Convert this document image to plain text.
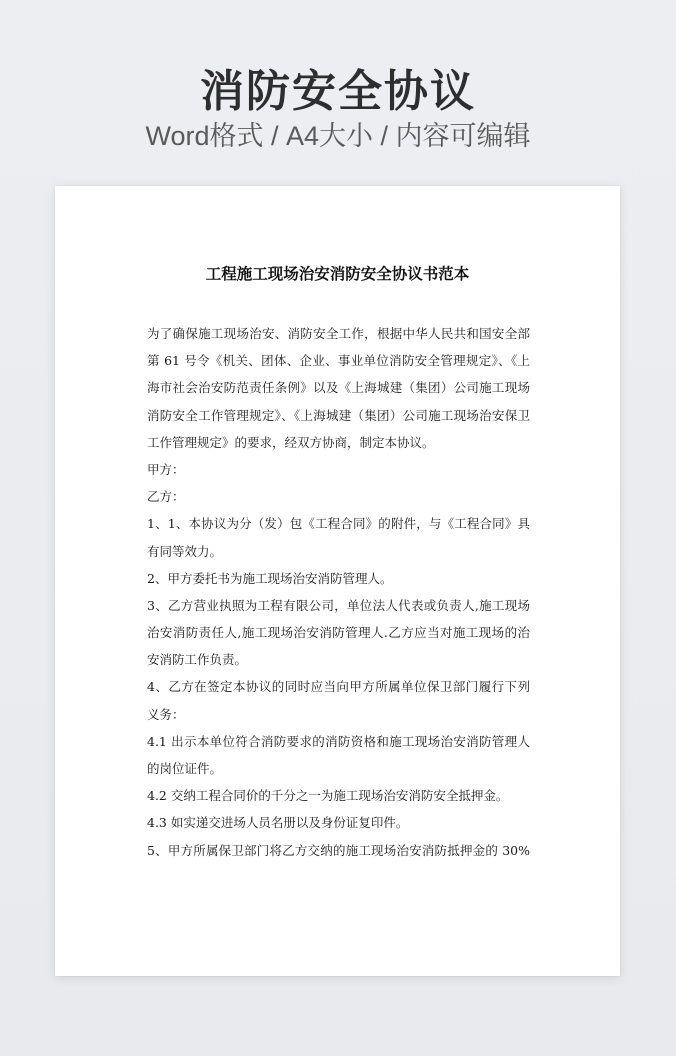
消防安全协议
Word格式 / A4大小 / 内容可编辑
工程施工现场治安消防安全协议书范本
为了确保施工现场治安、消防安全工作，根据中华人民共和国安全部
第 61 号令《机关、团体、企业、事业单位消防安全管理规定》、《上
海市社会治安防范责任条例》以及《上海城建（集团）公司施工现场
消防安全工作管理规定》、《上海城建（集团）公司施工现场治安保卫
工作管理规定》的要求，经双方协商，制定本协议。
甲方：
乙方：
1、1、本协议为分（发）包《工程合同》的附件，与《工程合同》具
有同等效力。
2、甲方委托书为施工现场治安消防管理人。
3、乙方营业执照为工程有限公司，单位法人代表或负责人,施工现场
治安消防责任人,施工现场治安消防管理人.乙方应当对施工现场的治
安消防工作负责。
4、乙方在签定本协议的同时应当向甲方所属单位保卫部门履行下列
义务：
4.1 出示本单位符合消防要求的消防资格和施工现场治安消防管理人
的岗位证件。
4.2 交纳工程合同价的千分之一为施工现场治安消防安全抵押金。
4.3 如实递交进场人员名册以及身份证复印件。
5、甲方所属保卫部门将乙方交纳的施工现场治安消防抵押金的 30%
